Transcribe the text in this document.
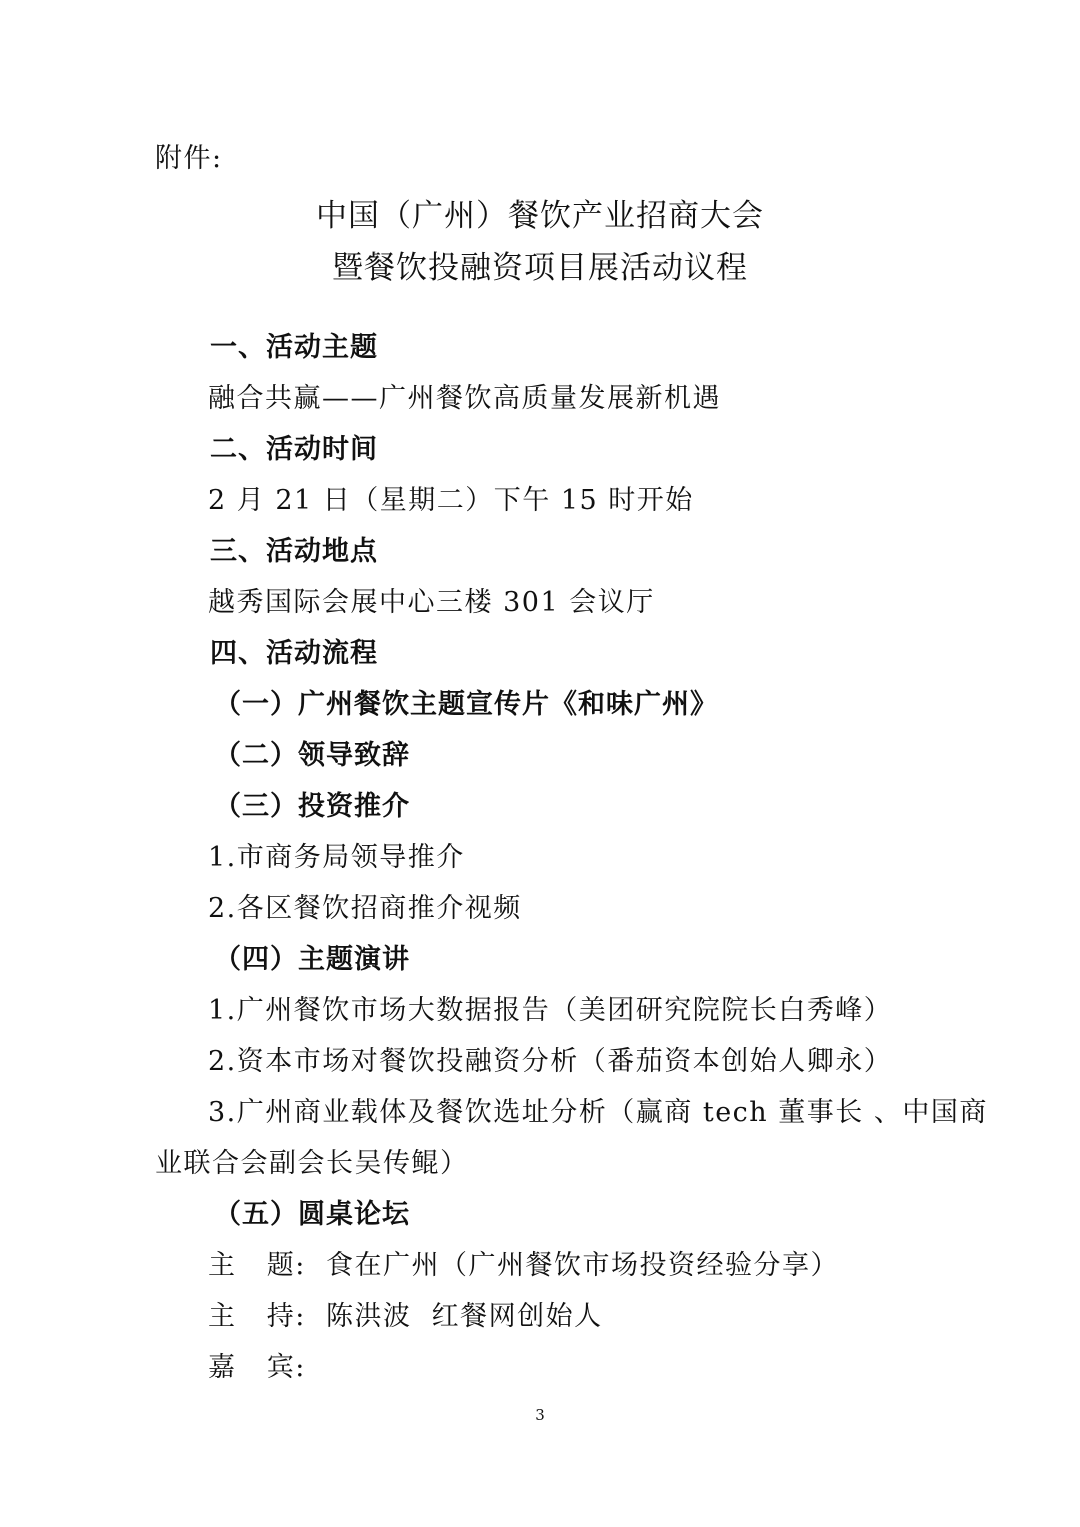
附件:
中国（广州）餐饮产业招商大会
暨餐饮投融资项目展活动议程
一、活动主题
融合共赢——广州餐饮高质量发展新机遇
二、活动时间
2 月 21 日（星期二）下午 15 时开始
三、活动地点
越秀国际会展中心三楼 301 会议厅
四、活动流程
（一）广州餐饮主题宣传片《和味广州》
（二）领导致辞
（三）投资推介
1.市商务局领导推介
2.各区餐饮招商推介视频
（四）主题演讲
1.广州餐饮市场大数据报告（美团研究院院长白秀峰）
2.资本市场对餐饮投融资分析（番茄资本创始人卿永）
3.广州商业载体及餐饮选址分析（赢商 tech 董事长 、中国商
业联合会副会长吴传鲲）
（五）圆桌论坛
主   题:  食在广州（广州餐饮市场投资经验分享）
主   持:  陈洪波  红餐网创始人
嘉   宾:
3
